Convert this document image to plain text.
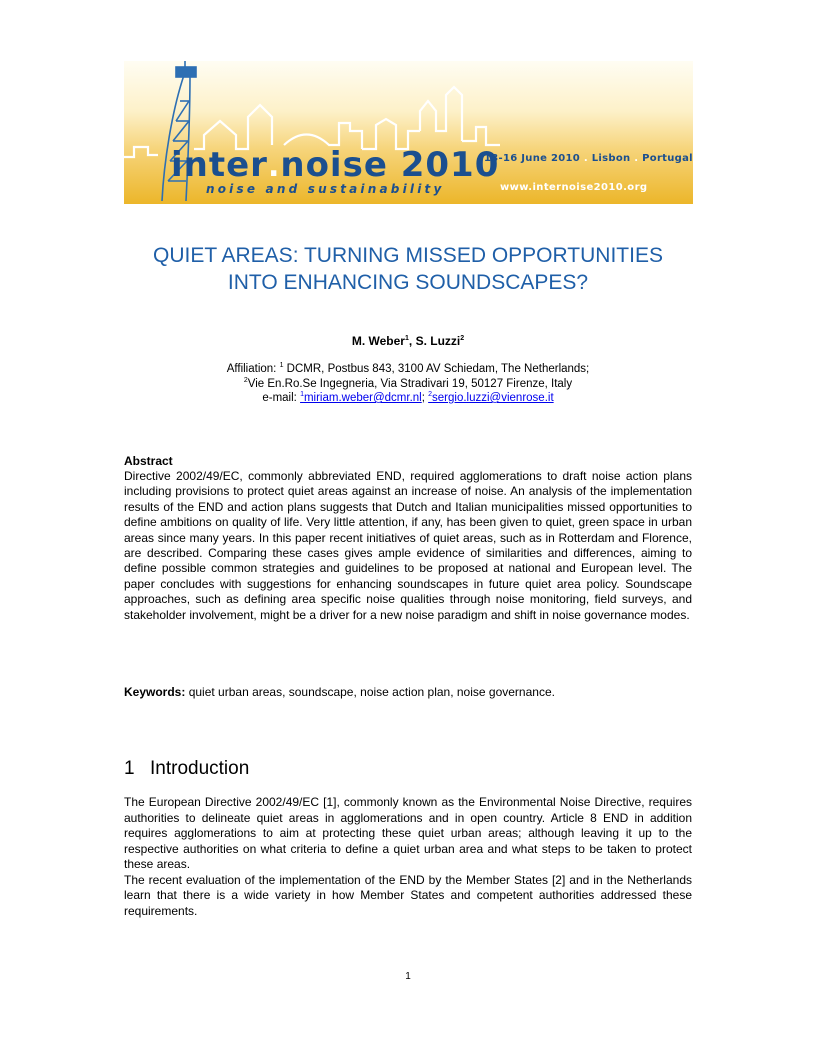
inter.noise 2010
noise and sustainability
13-16 June 2010 . Lisbon . Portugal
www.internoise2010.org
QUIET AREAS: TURNING MISSED OPPORTUNITIES
INTO ENHANCING SOUNDSCAPES?
M. Weber$^1$, S. Luzzi$^2$
Affiliation: $^1$ DCMR, Postbus 843, 3100 AV Schiedam, The Netherlands;
$^2$Vie En.Ro.Se Ingegneria, Via Stradivari 19, 50127 Firenze, Italy
e-mail: $^1$miriam.weber@dcmr.nl; $^2$sergio.luzzi@vienrose.it
Abstract
Directive 2002/49/EC, commonly abbreviated END, required agglomerations to draft noise action plans including provisions to protect quiet areas against an increase of noise. An analysis of the implementation results of the END and action plans suggests that Dutch and Italian municipalities missed opportunities to define ambitions on quality of life. Very little attention, if any, has been given to quiet, green space in urban areas since many years. In this paper recent initiatives of quiet areas, such as in Rotterdam and Florence, are described. Comparing these cases gives ample evidence of similarities and differences, aiming to define possible common strategies and guidelines to be proposed at national and European level. The paper concludes with suggestions for enhancing soundscapes in future quiet area policy. Soundscape approaches, such as defining area specific noise qualities through noise monitoring, field surveys, and stakeholder involvement, might be a driver for a new noise paradigm and shift in noise governance modes.
Keywords: quiet urban areas, soundscape, noise action plan, noise governance.
1 Introduction

The European Directive 2002/49/EC [1], commonly known as the Environmental Noise Directive, requires authorities to delineate quiet areas in agglomerations and in open country. Article 8 END in addition requires agglomerations to aim at protecting these quiet urban areas; although leaving it up to the respective authorities on what criteria to define a quiet urban area and what steps to be taken to protect these areas.

The recent evaluation of the implementation of the END by the Member States [2] and in the Netherlands learn that there is a wide variety in how Member States and competent authorities addressed these requirements.

1
